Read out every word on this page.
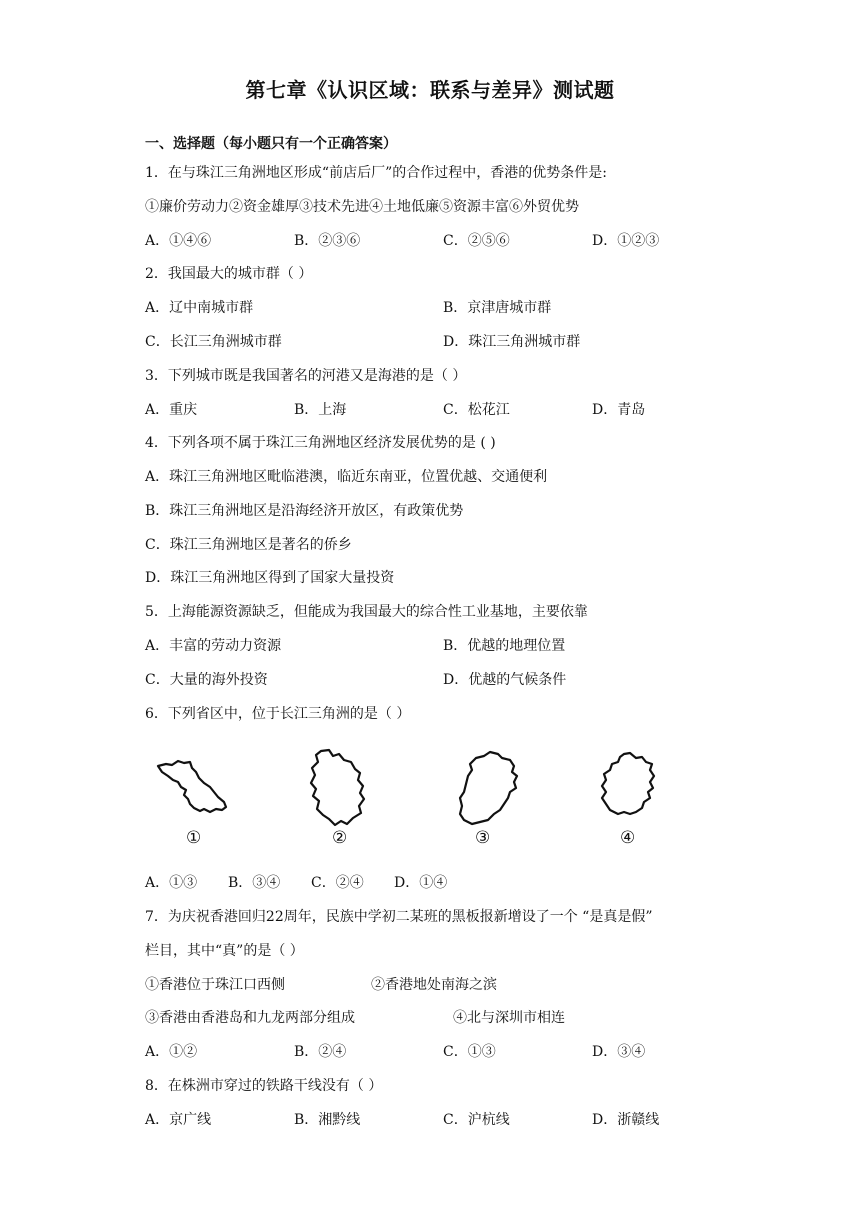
第七章《认识区域：联系与差异》测试题
一、选择题（每小题只有一个正确答案）
1．在与珠江三角洲地区形成“前店后厂”的合作过程中，香港的优势条件是:
①廉价劳动力②资金雄厚③技术先进④土地低廉⑤资源丰富⑥外贸优势
A．①④⑥	B．②③⑥	C．②⑤⑥	D．①②③
2．我国最大的城市群（ ）
A．辽中南城市群	B．京津唐城市群
C．长江三角洲城市群	D．珠江三角洲城市群
3．下列城市既是我国著名的河港又是海港的是（ ）
A．重庆	B．上海	C．松花江	D．青岛
4．下列各项不属于珠江三角洲地区经济发展优势的是 ( )
A．珠江三角洲地区毗临港澳，临近东南亚，位置优越、交通便利
B．珠江三角洲地区是沿海经济开放区，有政策优势
C．珠江三角洲地区是著名的侨乡
D．珠江三角洲地区得到了国家大量投资
5．上海能源资源缺乏，但能成为我国最大的综合性工业基地，主要依靠
A．丰富的劳动力资源	B．优越的地理位置
C．大量的海外投资	D．优越的气候条件
6．下列省区中，位于长江三角洲的是（ ）
①	②	③	④
A．①③ B．③④ C．②④ D．①④
7．为庆祝香港回归22周年，民族中学初二某班的黑板报新增设了一个 “是真是假”
栏目，其中“真”的是（ ）
①香港位于珠江口西侧	②香港地处南海之滨
③香港由香港岛和九龙两部分组成	④北与深圳市相连
A．①②	B．②④	C．①③	D．③④
8．在株洲市穿过的铁路干线没有（ ）
A．京广线	B．湘黔线	C．沪杭线	D．浙赣线
